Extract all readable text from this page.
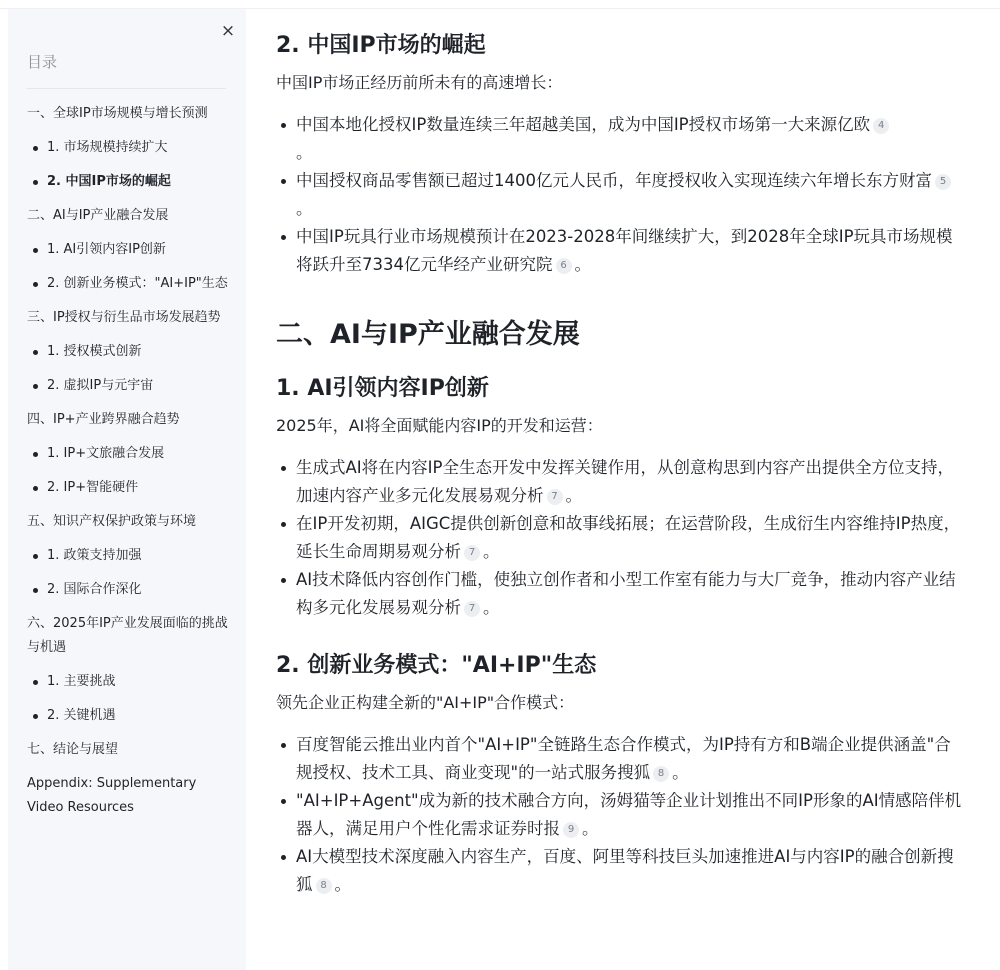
×
目录
一、全球IP市场规模与增长预测
1. 市场规模持续扩大
2. 中国IP市场的崛起
二、AI与IP产业融合发展
1. AI引领内容IP创新
2. 创新业务模式："AI+IP"生态
三、IP授权与衍生品市场发展趋势
1. 授权模式创新
2. 虚拟IP与元宇宙
四、IP+产业跨界融合趋势
1. IP+文旅融合发展
2. IP+智能硬件
五、知识产权保护政策与环境
1. 政策支持加强
2. 国际合作深化
六、2025年IP产业发展面临的挑战与机遇
1. 主要挑战
2. 关键机遇
七、结论与展望
Appendix: Supplementary Video Resources
2. 中国IP市场的崛起

中国IP市场正经历前所未有的高速增长：

中国本地化授权IP数量连续三年超越美国，成为中国IP授权市场第一大来源亿欧 4
。
中国授权商品零售额已超过1400亿元人民币，年度授权收入实现连续六年增长东方财富 5。
中国IP玩具行业市场规模预计在2023-2028年间继续扩大，到2028年全球IP玩具市场规模将跃升至7334亿元华经产业研究院 6 。
二、AI与IP产业融合发展
1. AI引领内容IP创新

2025年，AI将全面赋能内容IP的开发和运营：

生成式AI将在内容IP全生态开发中发挥关键作用，从创意构思到内容产出提供全方位支持，加速内容产业多元化发展易观分析 7 。
在IP开发初期，AIGC提供创新创意和故事线拓展；在运营阶段，生成衍生内容维持IP热度，延长生命周期易观分析 7 。
AI技术降低内容创作门槛，使独立创作者和小型工作室有能力与大厂竞争，推动内容产业结构多元化发展易观分析 7 。
2. 创新业务模式："AI+IP"生态

领先企业正构建全新的"AI+IP"合作模式：

百度智能云推出业内首个"AI+IP"全链路生态合作模式，为IP持有方和B端企业提供涵盖"合规授权、技术工具、商业变现"的一站式服务搜狐 8 。
"AI+IP+Agent"成为新的技术融合方向，汤姆猫等企业计划推出不同IP形象的AI情感陪伴机器人，满足用户个性化需求证券时报 9 。
AI大模型技术深度融入内容生产，百度、阿里等科技巨头加速推进AI与内容IP的融合创新搜狐 8 。
